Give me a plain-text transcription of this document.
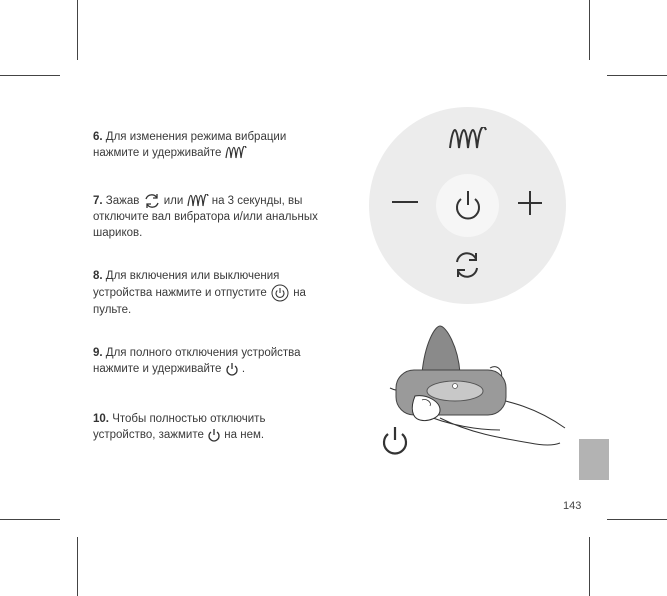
6. Для изменения режима вибрации
нажмите и удерживайте
7. Зажав или на 3 секунды, вы
отключите вал вибратора и/или анальных
шариков.
8. Для включения или выключения
устройства нажмите и отпустите на
пульте.
9. Для полного отключения устройства
нажмите и удерживайте .
10. Чтобы полностью отключить
устройство, зажмите на нем.
143
